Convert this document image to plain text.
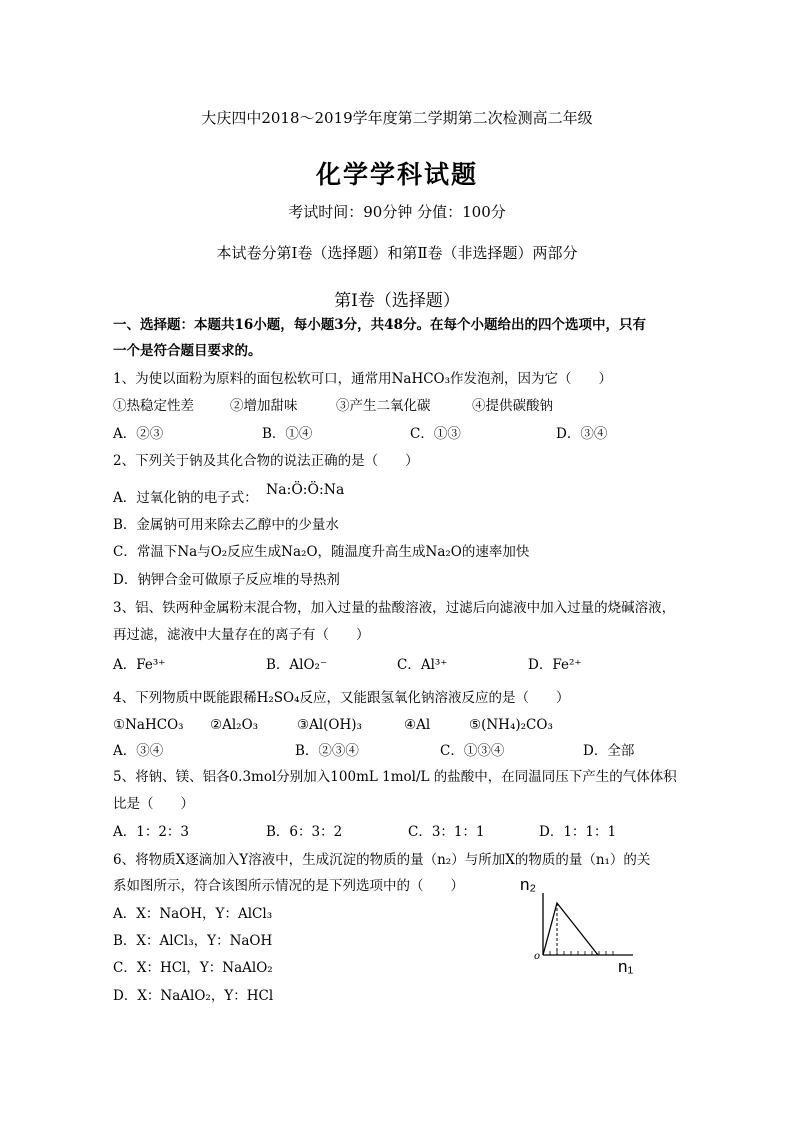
大庆四中2018～2019学年度第二学期第二次检测高二年级
化学学科试题
考试时间：90分钟 分值：100分
本试卷分第Ⅰ卷（选择题）和第Ⅱ卷（非选择题）两部分
第Ⅰ卷（选择题）
一、选择题：本题共16小题，每小题3分，共48分。在每个小题给出的四个选项中，只有
一个是符合题目要求的。
1、为使以面粉为原料的面包松软可口，通常用NaHCO₃作发泡剂，因为它（　　）
①热稳定性差	②增加甜味	③产生二氧化碳	④提供碳酸钠
A．②③	B．①④	C．①③	D．③④
2、下列关于钠及其化合物的说法正确的是（　　）
A．过氧化钠的电子式： Na:Ö:Ö:Na
B．金属钠可用来除去乙醇中的少量水
C．常温下Na与O₂反应生成Na₂O，随温度升高生成Na₂O的速率加快
D．钠钾合金可做原子反应堆的导热剂
3、铝、铁两种金属粉末混合物，加入过量的盐酸溶液，过滤后向滤液中加入过量的烧碱溶液，
再过滤，滤液中大量存在的离子有（　　）
A．Fe³⁺	B．AlO₂⁻	C．Al³⁺	D．Fe²⁺
4、下列物质中既能跟稀H₂SO₄反应，又能跟氢氧化钠溶液反应的是（　　）
①NaHCO₃ ②Al₂O₃	③Al(OH)₃	④Al	⑤(NH₄)₂CO₃
A．③④	B．②③④	C．①③④	D．全部
5、将钠、镁、铝各0.3mol分别加入100mL 1mol/L 的盐酸中，在同温同压下产生的气体体积
比是（　　）
A．1：2：3	B．6：3：2	C．3：1：1	D．1：1：1
6、将物质X逐滴加入Y溶液中，生成沉淀的物质的量（n₂）与所加X的物质的量（n₁）的关
系如图所示，符合该图所示情况的是下列选项中的（　　）
A．X：NaOH，Y：AlCl₃
B．X：AlCl₃，Y：NaOH
C．X：HCl，Y：NaAlO₂
D．X：NaAlO₂，Y：HCl
n₂
n₁
o
